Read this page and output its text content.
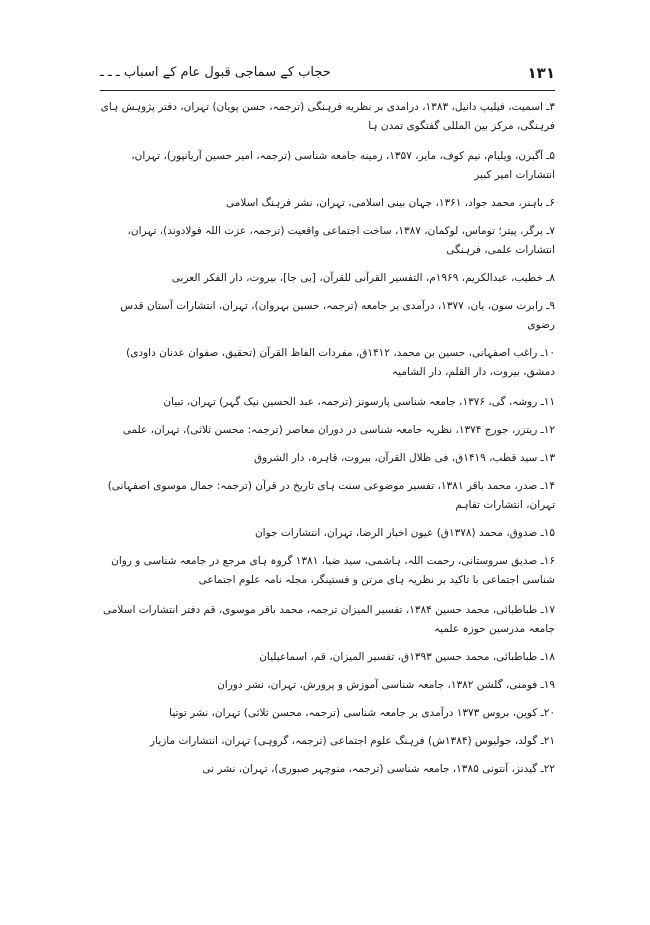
۱۳۱
حجاب کے سماجی قبول عام کے اسباب ـ ـ ـ

۳ـ اسمیت، فیلیپ دانیل، ۱۳۸۳، درامدی بر نظریه فرہنگی (ترجمہ، حسن پویان) تہران، دفتر پژوہش ہای فرہنگی، مرکز بین المللی گفتگوی تمدن ہا

۵ـ آگبرن، ویلیام، نیم کوف، مایر، ۱۳۵۷، زمینه جامعه شناسی (ترجمہ، امیر حسین آریانپور)، تہران، انتشارات امیر کبیر

۶ـ باہنر، محمد جواد، ۱۳۶۱، جہان بینی اسلامی، تہران، نشر فرہنگ اسلامی

۷ـ برگر، پیتر؛ توماس، لوکمان، ۱۳۸۷، ساخت اجتماعی واقعیت (ترجمہ، عزت اللہ فولادوند)، تہران، انتشارات علمی، فرہنگی

۸ـ خطیب، عبدالکریم، ۱۹۶۹م، التفسیر القرآنی للقرآن، [بی جا]، بیروت، دار الفکر العربی

۹ـ رابرت سون، یان، ۱۳۷۷، درآمدی بر جامعه (ترجمہ، حسین بہروان)، تہران، انتشارات آستان قدس رضوی

۱۰ـ راغب اصفہانی، حسین بن محمد، ۱۴۱۲ق، مفردات الفاظ القرآن (تحقیق، صفوان عدنان داودی) دمشق، بیروت، دار القلم، دار الشامیہ

۱۱ـ روشہ، گی، ۱۳۷۶، جامعہ شناسی پارسونز (ترجمہ، عبد الحسین نیک گہر) تہران، تبیان

۱۲ـ ریتزر، جورج ۱۳۷۴، نظریہ جامعہ شناسی در دوران معاصر (ترجمہ: محسن ثلاثی)، تہران، علمی

۱۳ـ سید قطب، ۱۴۱۹ق، فی ظلال القرآن، بیروت، قاہرہ، دار الشروق

۱۴ـ صدر، محمد باقر ۱۳۸۱، تفسیر موضوعی سنت ہای تاریخ در قرآن (ترجمہ: جمال موسوی اصفہانی) تہران، انتشارات تفاہم

۱۵ـ صدوق، محمد (۱۳۷۸ق) عیون اخبار الرضا، تہران، انتشارات جوان

۱۶ـ صدیق سروستانی، رحمت اللہ، ہاشمی، سید ضیا، ۱۳۸۱ گروہ ہای مرجع در جامعہ شناسی و روان شناسی اجتماعی با تاکید بر نظریہ ہای مرتن و فستینگر، مجلہ نامہ علوم اجتماعی

۱۷ـ طباطبائی، محمد حسین ۱۳۸۴، تفسیر المیزان ترجمہ، محمد باقر موسوی، قم دفتر انتشارات اسلامی جامعہ مدرسین حوزہ علمیہ

۱۸ـ طباطبائی، محمد حسین ۱۳۹۳ق، تفسیر المیزان، قم، اسماعیلیان

۱۹ـ فومنی، گلشن ۱۳۸۲، جامعہ شناسی آموزش و پرورش، تہران، نشر دوران

۲۰ـ کوین، بروس ۱۳۷۳ درآمدی بر جامعہ شناسی (ترجمہ، محسن ثلاثی) تہران، نشر توتیا

۲۱ـ گولد، جولیوس (۱۳۸۴ش) فرہنگ علوم اجتماعی (ترجمہ، گروہی) تہران، انتشارات مازیار

۲۲ـ گیدنز، آنتونی ۱۳۸۵، جامعہ شناسی (ترجمہ، منوچہر صبوری)، تہران، نشر نی
